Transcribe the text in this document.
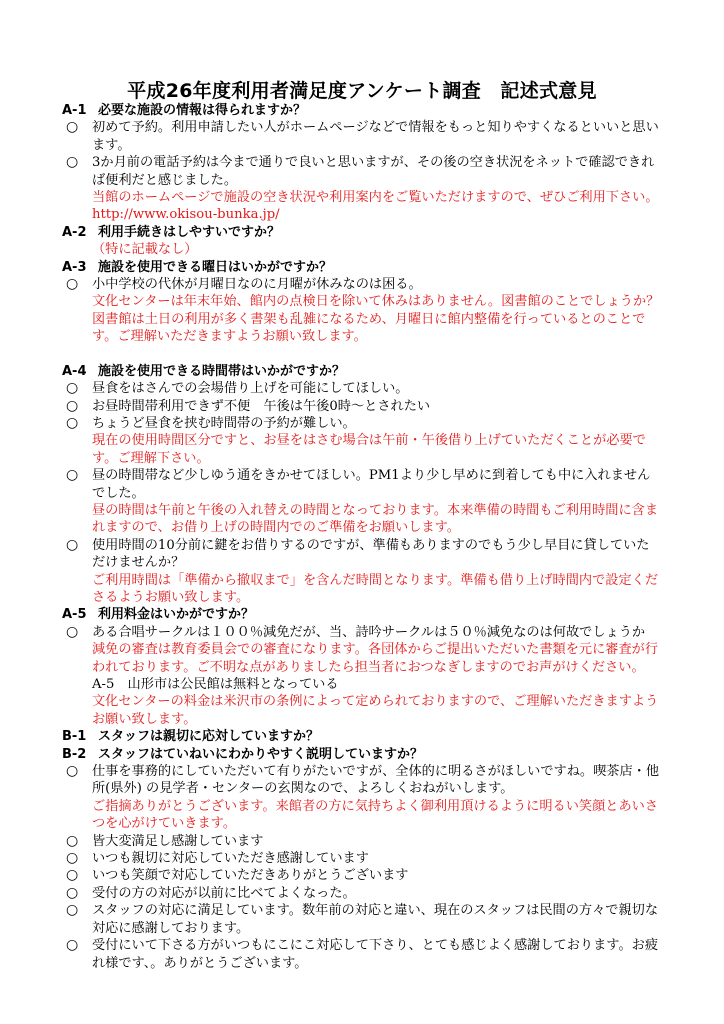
平成26年度利用者満足度アンケート調査　記述式意見
A-1 必要な施設の情報は得られますか？
○	初めて予約。利用申請したい人がホームページなどで情報をもっと知りやすくなるといいと思います。
○	3か月前の電話予約は今まで通りで良いと思いますが、その後の空き状況をネットで確認できれば便利だと感じました。
当館のホームページで施設の空き状況や利用案内をご覧いただけますので、ぜひご利用下さい。http://www.okisou-bunka.jp/
A-2 利用手続きはしやすいですか？
（特に記載なし）
A-3 施設を使用できる曜日はいかがですか？
○	小中学校の代休が月曜日なのに月曜が休みなのは困る。
文化センターは年末年始、館内の点検日を除いて休みはありません。図書館のことでしょうか？図書館は土日の利用が多く書架も乱雑になるため、月曜日に館内整備を行っているとのことです。ご理解いただきますようお願い致します。
A-4 施設を使用できる時間帯はいかがですか？
○	昼食をはさんでの会場借り上げを可能にしてほしい。
○	お昼時間帯利用できず不便　午後は午後0時～とされたい
○	ちょうど昼食を挟む時間帯の予約が難しい。
現在の使用時間区分ですと、お昼をはさむ場合は午前・午後借り上げていただくことが必要です。ご理解下さい。
○	昼の時間帯など少しゆう通をきかせてほしい。PM1より少し早めに到着しても中に入れませんでした。
昼の時間は午前と午後の入れ替えの時間となっております。本来準備の時間もご利用時間に含まれますので、お借り上げの時間内でのご準備をお願いします。
○	使用時間の10分前に鍵をお借りするのですが、準備もありますのでもう少し早目に貸していただけませんか？
ご利用時間は「準備から撤収まで」を含んだ時間となります。準備も借り上げ時間内で設定くださるようお願い致します。
A-5 利用料金はいかがですか？
○	ある合唱サークルは１００％減免だが、当、詩吟サークルは５０％減免なのは何故でしょうか
減免の審査は教育委員会での審査になります。各団体からご提出いただいた書類を元に審査が行われております。ご不明な点がありましたら担当者におつなぎしますのでお声がけください。
A-5　山形市は公民館は無料となっている
文化センターの料金は米沢市の条例によって定められておりますので、ご理解いただきますようお願い致します。
B-1 スタッフは親切に応対していますか？
B-2 スタッフはていねいにわかりやすく説明していますか？
○	仕事を事務的にしていただいて有りがたいですが、全体的に明るさがほしいですね。喫茶店・他所(県外) の見学者・センターの玄関なので、よろしくおねがいします。
ご指摘ありがとうございます。来館者の方に気持ちよく御利用頂けるように明るい笑顔とあいさつを心がけていきます。
○	皆大変満足し感謝しています
○	いつも親切に対応していただき感謝しています
○	いつも笑顔で対応していただきありがとうございます
○	受付の方の対応が以前に比べてよくなった。
○	スタッフの対応に満足しています。数年前の対応と違い、現在のスタッフは民間の方々で親切な対応に感謝しております。
○	受付にいて下さる方がいつもにこにこ対応して下さり、とても感じよく感謝しております。お疲れ様です、。ありがとうございます。
